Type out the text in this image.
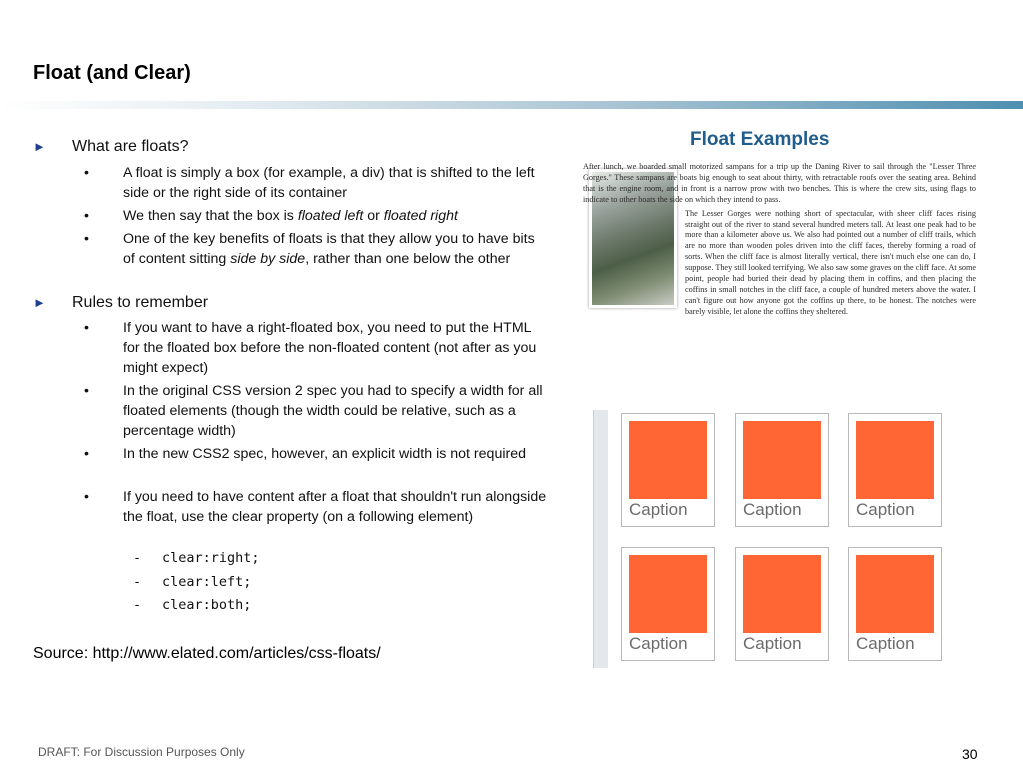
Float (and Clear)
► What are floats?
• A float is simply a box (for example, a div) that is shifted to the left side or the right side of its container
• We then say that the box is floated left or floated right
• One of the key benefits of floats is that they allow you to have bits of content sitting side by side, rather than one below the other
► Rules to remember
• If you want to have a right-floated box, you need to put the HTML for the floated box before the non-floated content (not after as you might expect)
• In the original CSS version 2 spec you had to specify a width for all floated elements (though the width could be relative, such as a percentage width)
• In the new CSS2 spec, however, an explicit width is not required
• If you need to have content after a float that shouldn't run alongside the float, use the clear property (on a following element)
- clear:right;
- clear:left;
- clear:both;
Source: http://www.elated.com/articles/css-floats/
Float Examples

After lunch, we boarded small motorized sampans for a trip up the Daning River to sail through the "Lesser Three Gorges." These sampans are boats big enough to seat about thirty, with retractable roofs over the seating area. Behind that is the engine room, and in front is a narrow prow with two benches. This is where the crew sits, using flags to indicate to other boats the side on which they intend to pass.

The Lesser Gorges were nothing short of spectacular, with sheer cliff faces rising straight out of the river to stand several hundred meters tall. At least one peak had to be more than a kilometer above us. We also had pointed out a number of cliff trails, which are no more than wooden poles driven into the cliff faces, thereby forming a road of sorts. When the cliff face is almost literally vertical, there isn't much else one can do, I suppose. They still looked terrifying. We also saw some graves on the cliff face. At some point, people had buried their dead by placing them in coffins, and then placing the coffins in small notches in the cliff face, a couple of hundred meters above the water. I can't figure out how anyone got the coffins up there, to be honest. The notches were barely visible, let alone the coffins they sheltered.

Caption	Caption	Caption
Caption	Caption	Caption
DRAFT: For Discussion Purposes Only	30
